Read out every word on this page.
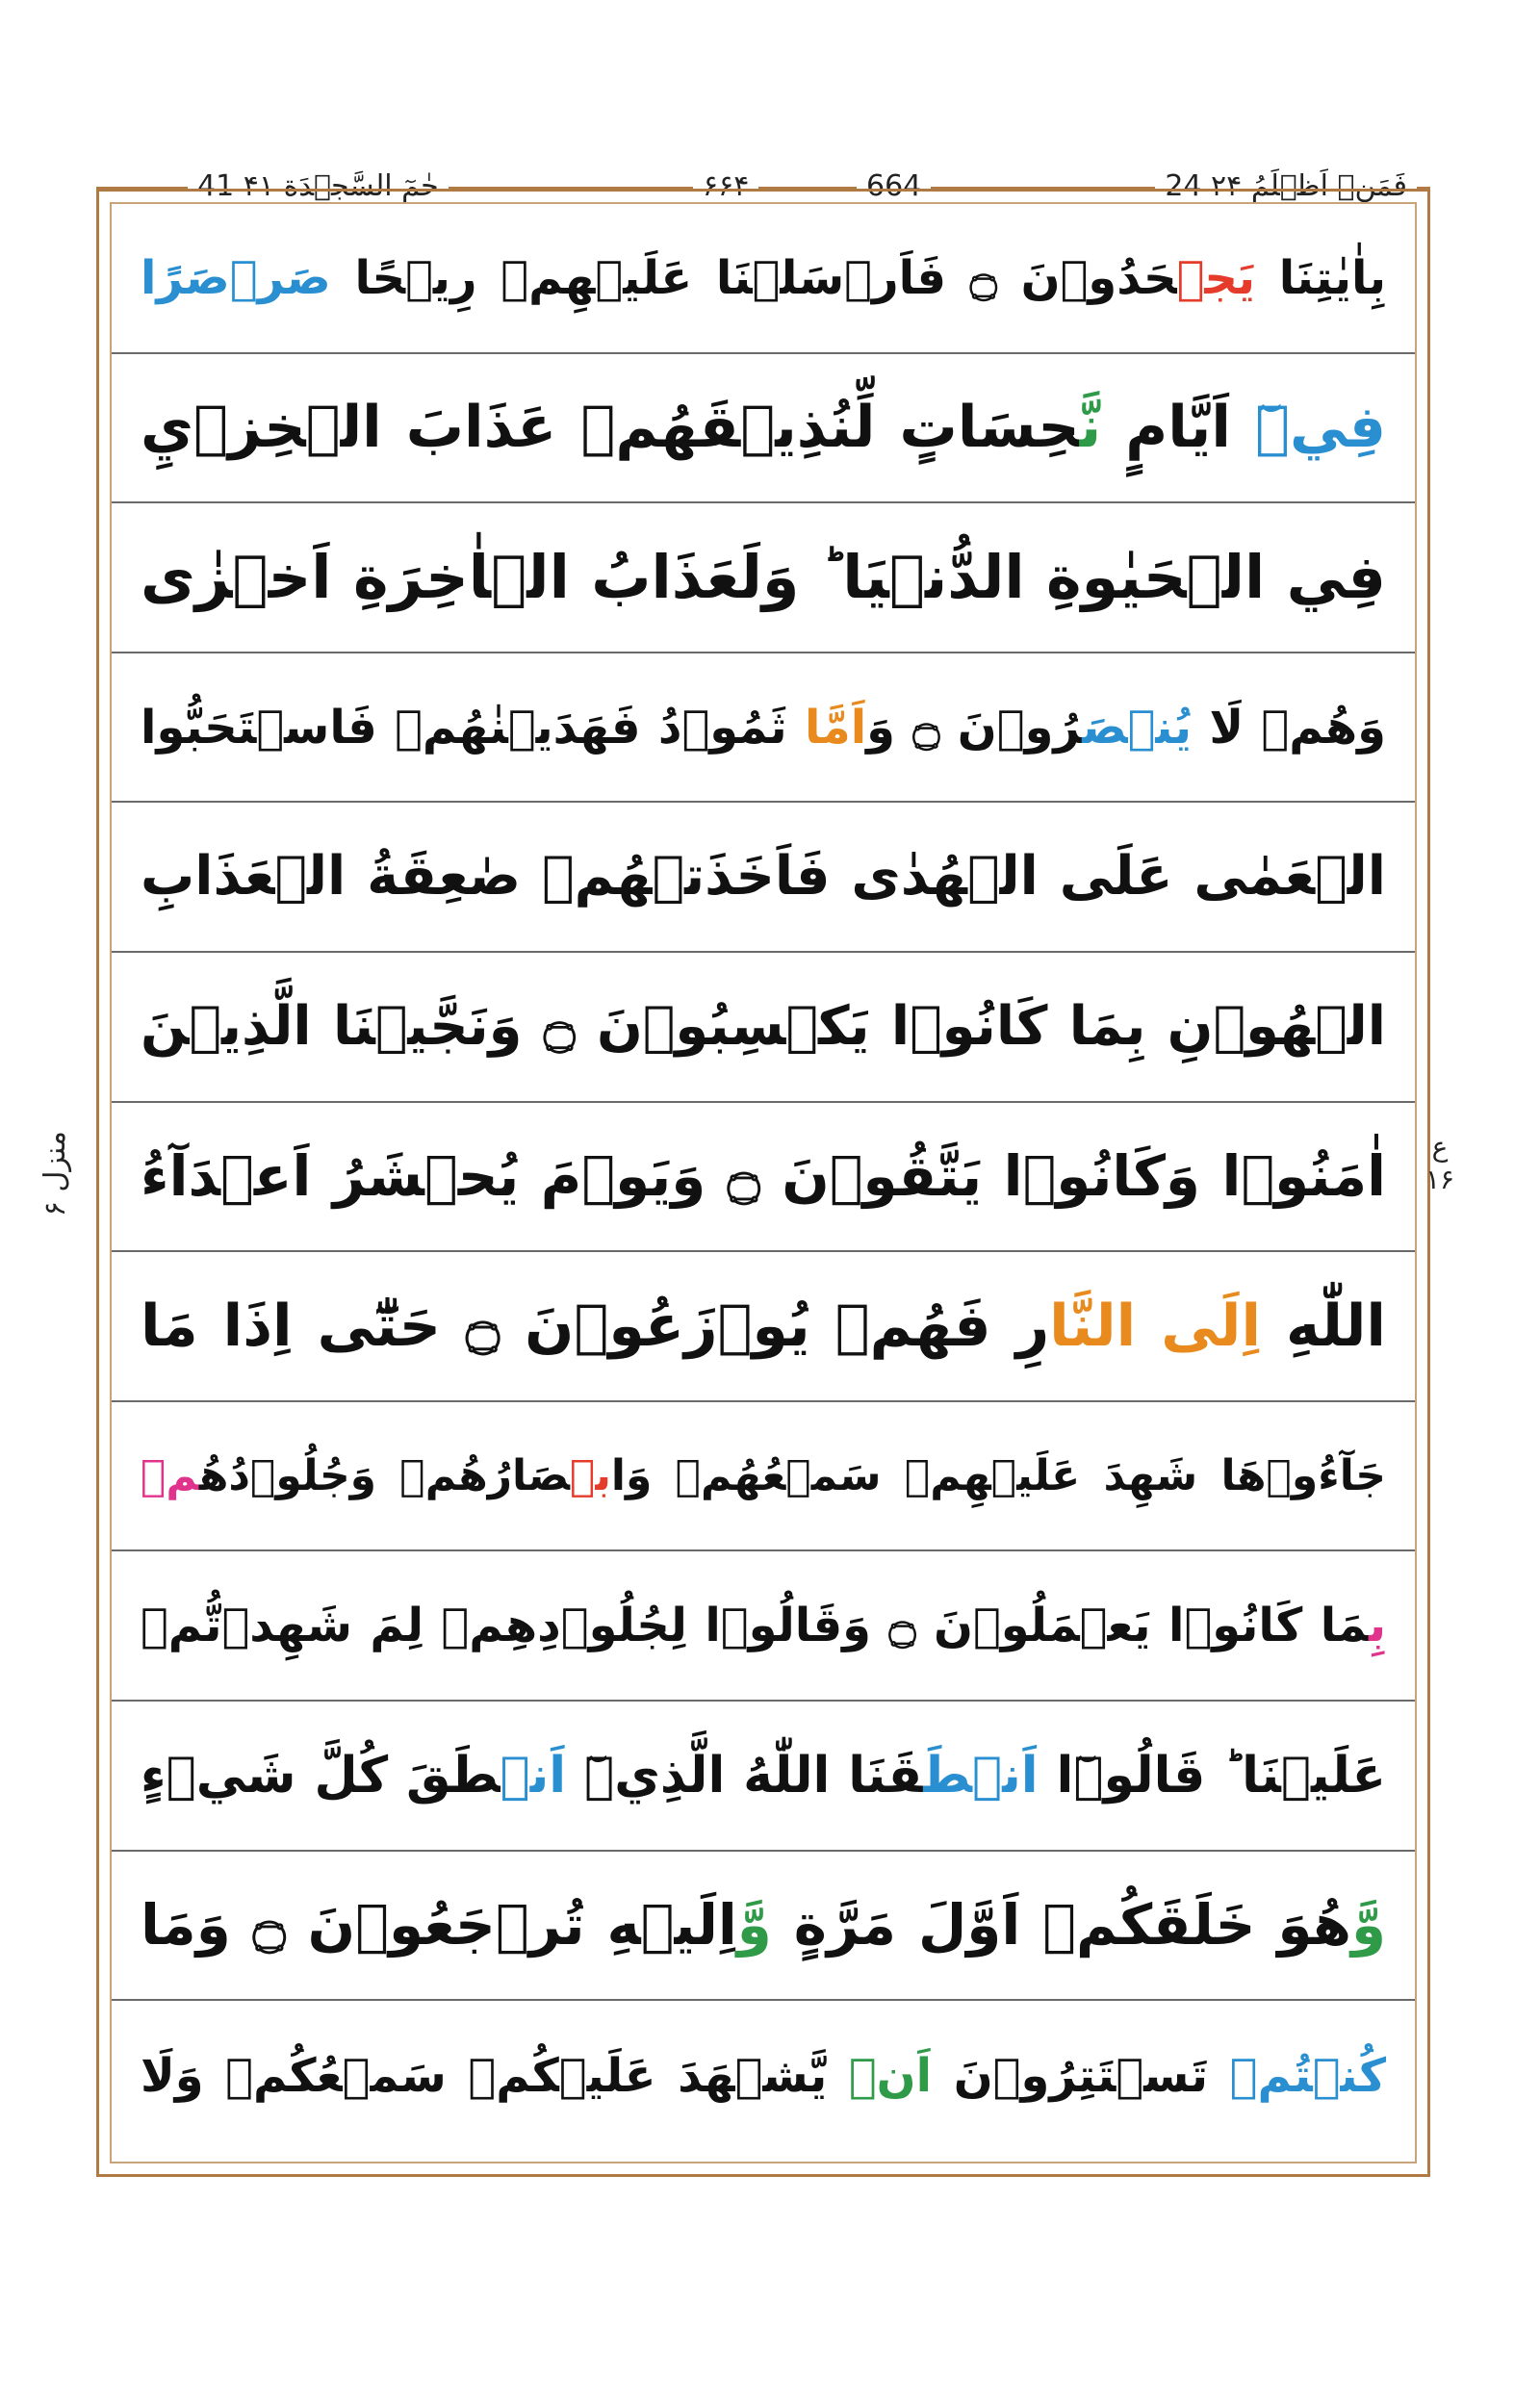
24 فَمَنۡ اَظۡلَمُ ۲۴
664
۶۶۴
41 حٰمٓ السَّجۡدَة ۴۱
منزل ۶	ع ۱۶
بِاٰيٰتِنَا يَجۡحَدُوۡنَ ۝ فَاَرۡسَلۡنَا عَلَيۡهِمۡ رِيۡحًا صَرۡصَرًا
فِيۡٓ اَيَّامٍ نَّحِسَاتٍ لِّنُذِيۡقَهُمۡ عَذَابَ الۡخِزۡيِ
فِي الۡحَيٰوةِ الدُّنۡيَا ؕ وَلَعَذَابُ الۡاٰخِرَةِ اَخۡزٰى
وَهُمۡ لَا يُنۡصَرُوۡنَ ۝ وَاَمَّا ثَمُوۡدُ فَهَدَيۡنٰهُمۡ فَاسۡتَحَبُّوا
الۡعَمٰى عَلَى الۡهُدٰى فَاَخَذَتۡهُمۡ صٰعِقَةُ الۡعَذَابِ
الۡهُوۡنِ بِمَا كَانُوۡا يَكۡسِبُوۡنَ ۝ وَنَجَّيۡنَا الَّذِيۡنَ
اٰمَنُوۡا وَكَانُوۡا يَتَّقُوۡنَ ۝ وَيَوۡمَ يُحۡشَرُ اَعۡدَآءُ
اللّٰهِ اِلَى النَّارِ فَهُمۡ يُوۡزَعُوۡنَ ۝ حَتّٰٓى اِذَا مَا
جَآءُوۡهَا شَهِدَ عَلَيۡهِمۡ سَمۡعُهُمۡ وَابۡصَارُهُمۡ وَجُلُوۡدُهُمۡ
بِمَا كَانُوۡا يَعۡمَلُوۡنَ ۝ وَقَالُوۡا لِجُلُوۡدِهِمۡ لِمَ شَهِدۡتُّمۡ
عَلَيۡنَا ؕ قَالُوۡٓا اَنۡطَقَنَا اللّٰهُ الَّذِيۡٓ اَنۡطَقَ كُلَّ شَيۡءٍ
وَّهُوَ خَلَقَكُمۡ اَوَّلَ مَرَّةٍ وَّاِلَيۡهِ تُرۡجَعُوۡنَ ۝ وَمَا
كُنۡتُمۡ تَسۡتَتِرُوۡنَ اَنۡ يَّشۡهَدَ عَلَيۡكُمۡ سَمۡعُكُمۡ وَلَا
